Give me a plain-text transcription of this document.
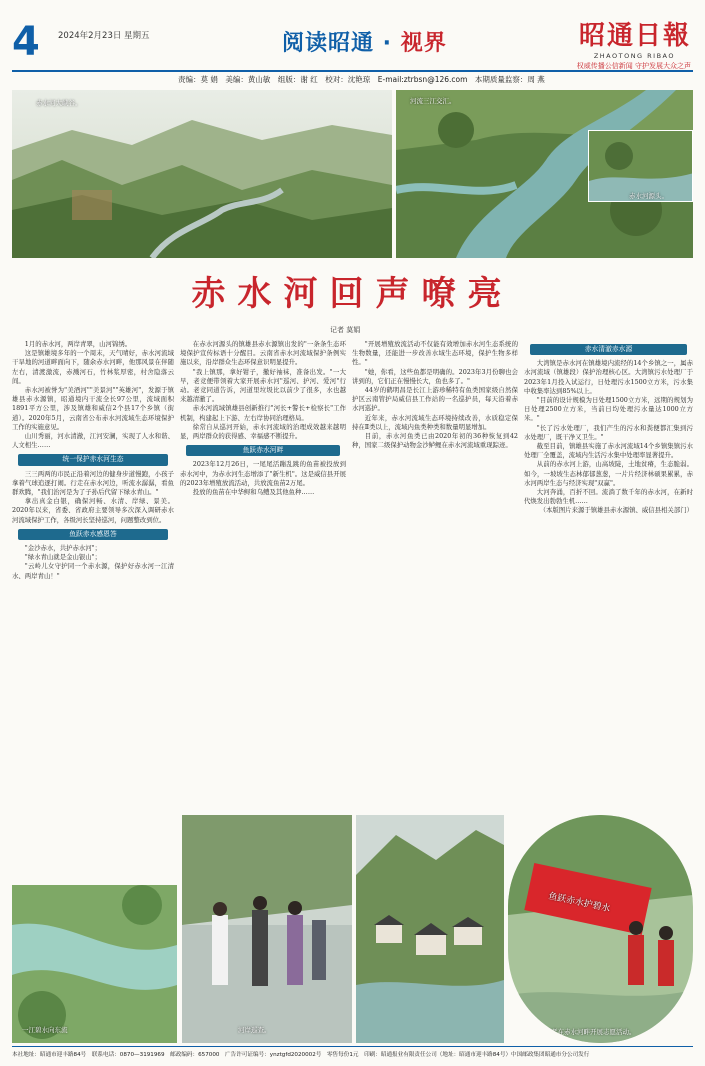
4 2024年2月23日 星期五	阅读昭通 · 视界	昭通日報
ZHAOTONG RIBAO
权威传播公信新闻 守护发展大众之声
责编：莫 娟　美编：黄山敏　组版：谢 红　校对：沈艳琼　E-mail:ztrbsn@126.com　本期质量监察：周 燕
赤水河大峡谷。	河流三江交汇。
赤水河源头。
赤水河回声嘹亮
记者 莫娟

1月的赤水河，两岸青翠，山河锦绣。

这是镇雄境多年的一个周末，天气晴好，赤水河流域干旱地的河道畔面向下，随余赤水河畔，他那风景在伴随左右，清渡激流，赤溅河石，竹林浆厚密，村舍隐落云间。

赤水河被誉为"美酒河""美景河""英雄河"，发源于镇雄县赤水源镇，昭通境内干流全长97公里，流域面积1891平方公里，涉及镇雄和威信2个县17个乡镇（街道）。2020年5月，云南省公布赤水河流域生态环境保护工作的实施意见。

山川秀丽，河水清澈，江河安澜，实现了人水和谐、人文相生……

统一保护赤水河生态

三三两两的市民正沿着河边的健身步道慢跑，小孩子拿着气球追逐打闹。行走在赤水河边，听流水潺潺，看鱼群欢腾，"我们治河是为了子孙后代留下绿水青山。"

拿出真金白银，确保河畅、水清、岸绿、景美。2020年以来，省委、省政府主要领导多次深入调研赤水河流域保护工作，各级河长坚持巡河，问题整改到位。

鱼跃赤水感恩答

"金沙赤水，共护赤水河"；

"绿水青山就是金山银山"；

"云岭儿女守护同一个赤水源，保护好赤水河一江清水、两岸青山！"

在赤水河源头的镇雄县赤水源镇出发的"一条条生态环境保护宣传标语十分醒目。云南省赤水河流域保护条例实施以来，沿岸群众生态环保意识明显提升。

"我上镇那，拿好钳子，撤好袖袜，准备出发。"一大早，老竞便带领着大家开展赤水河"巡河、护河、爱河"行动。老竞同道告诉，河道里垃圾比以前少了很多，水也越来越清澈了。

赤水河流域镇雄县创新推行"河长+警长+检察长"工作机制，构建起上下游、左右岸协同治理格局。

徐常自从巡河开始，赤水河流域的治理成效越来越明显，两岸群众的获得感、幸福感不断提升。

鱼跃赤水河畔

2023年12月26日，一尾尾活蹦乱跳的鱼苗被投放到赤水河中，为赤水河生态增添了"新生机"。这是威信县开展的2023年增殖放流活动，共放流鱼苗2万尾。

投放的鱼苗在中华鲟和乌鳢及其他鱼种……

"开展增殖放流活动不仅能有效增加赤水河生态系统的生物数量，还能进一步改善水域生态环境，保护生物多样性。"

"她，你看，这些鱼都是明确的。2023年3月份聊也会讲到的，它们正在慢慢长大，鱼也多了。"

44岁的鹤明昌是长江上游珍稀特有鱼类国家级自然保护区云南管护局威信县工作站的一名巡护员，每天沿着赤水河巡护。

近年来，赤水河流域生态环境持续改善，水质稳定保持在Ⅱ类以上，流域内鱼类种类和数量明显增加。

目前，赤水河鱼类已由2020年初的36种恢复到42种，国家二级保护动物金沙鲈鲤在赤水河流域重现踪迹。

赤水清澈赤水源

大湾镇是赤水河在镇雄境内流经的14个乡镇之一，属赤水河流域（镇雄段）保护治理核心区。大湾镇污水处理厂于2023年1月投入试运行，日处理污水1500立方米，污水集中收集率达到85%以上。

"目前的设计规模为日处理1500立方米，远期的规划为日处理2500立方米，当前日均处理污水量达1000立方米。"

"长了污水处理厂，我们产生的污水和粪便都汇集到污水处理厂，既干净又卫生。"

截至目前，镇雄县实施了赤水河流域14个乡镇集镇污水处理厂全覆盖，流域内生活污水集中处理率显著提升。

从前的赤水河上游，山高坡陡，土地贫瘠，生态脆弱。如今，一坡坡生态林郁郁葱葱，一片片经济林硕果累累，赤水河两岸生态与经济实现"双赢"。

大河奔涌，百折不回。流淌了数千年的赤水河，在新时代焕发出勃勃生机……

（本版图片来源于镇雄县赤水源镇、威信县相关部门）

河岸巡查。
一江碧水向东流
鱼跃赤水护碧水
志愿者在赤水河畔开展志愿活动。
本社地址：昭通市迎丰路84号　联系电话：0870—3191969　邮政编码：657000　广告许可证编号：ynztgfd2020002号　零售每份1元　印刷：昭通报业有限责任公司（地址：昭通市迎丰路84号）中国邮政集团昭通市分公司发行
